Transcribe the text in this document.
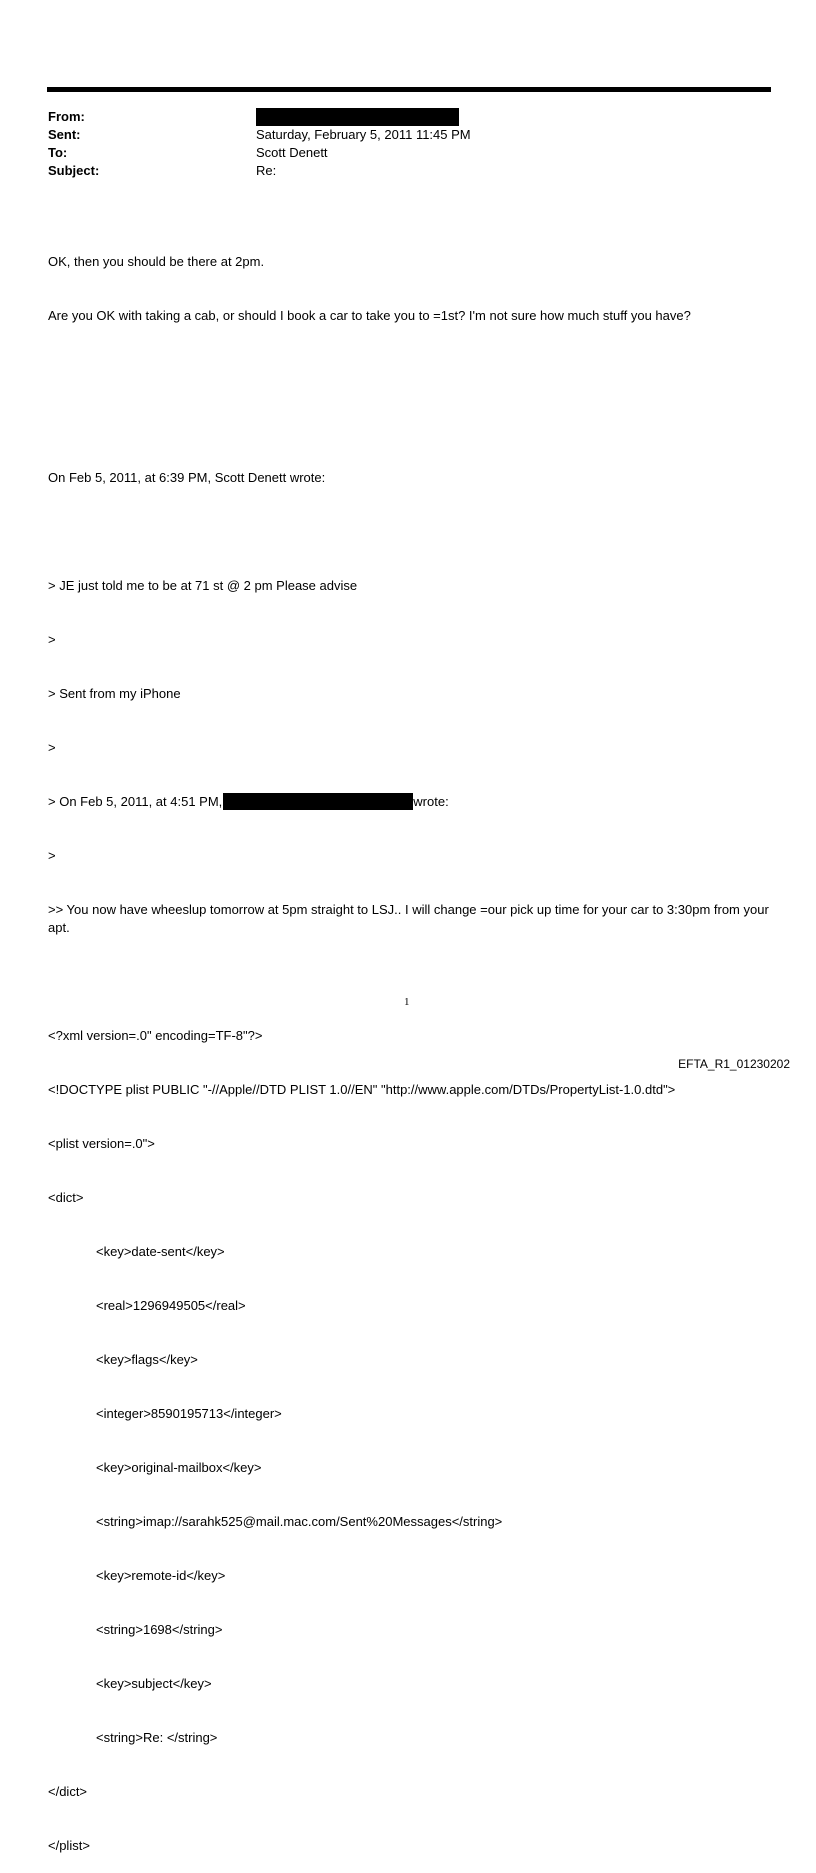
From:
Sent:	Saturday, February 5, 2011 11:45 PM
To:	Scott Denett
Subject:	Re:

OK, then you should be there at 2pm.

Are you OK with taking a cab, or should I book a car to take you to =1st? I'm not sure how much stuff you have?

On Feb 5, 2011, at 6:39 PM, Scott Denett wrote:

> JE just told me to be at 71 st @ 2 pm Please advise

>

> Sent from my iPhone

>

> On Feb 5, 2011, at 4:51 PM,	wrote:

>

>> You now have wheeslup tomorrow at 5pm straight to LSJ.. I will change =our pick up time for your car to 3:30pm from your apt.

<?xml version=.0" encoding=TF-8"?>

<!DOCTYPE plist PUBLIC "-//Apple//DTD PLIST 1.0//EN" "http://www.apple.com/DTDs/PropertyList-1.0.dtd">

<plist version=.0">

<dict>

<key>date-sent</key>

<real>1296949505</real>

<key>flags</key>

<integer>8590195713</integer>

<key>original-mailbox</key>

<string>imap://sarahk525@mail.mac.com/Sent%20Messages</string>

<key>remote-id</key>

<string>1698</string>

<key>subject</key>

<string>Re: </string>

</dict>

</plist>

1
EFTA_R1_01230202
